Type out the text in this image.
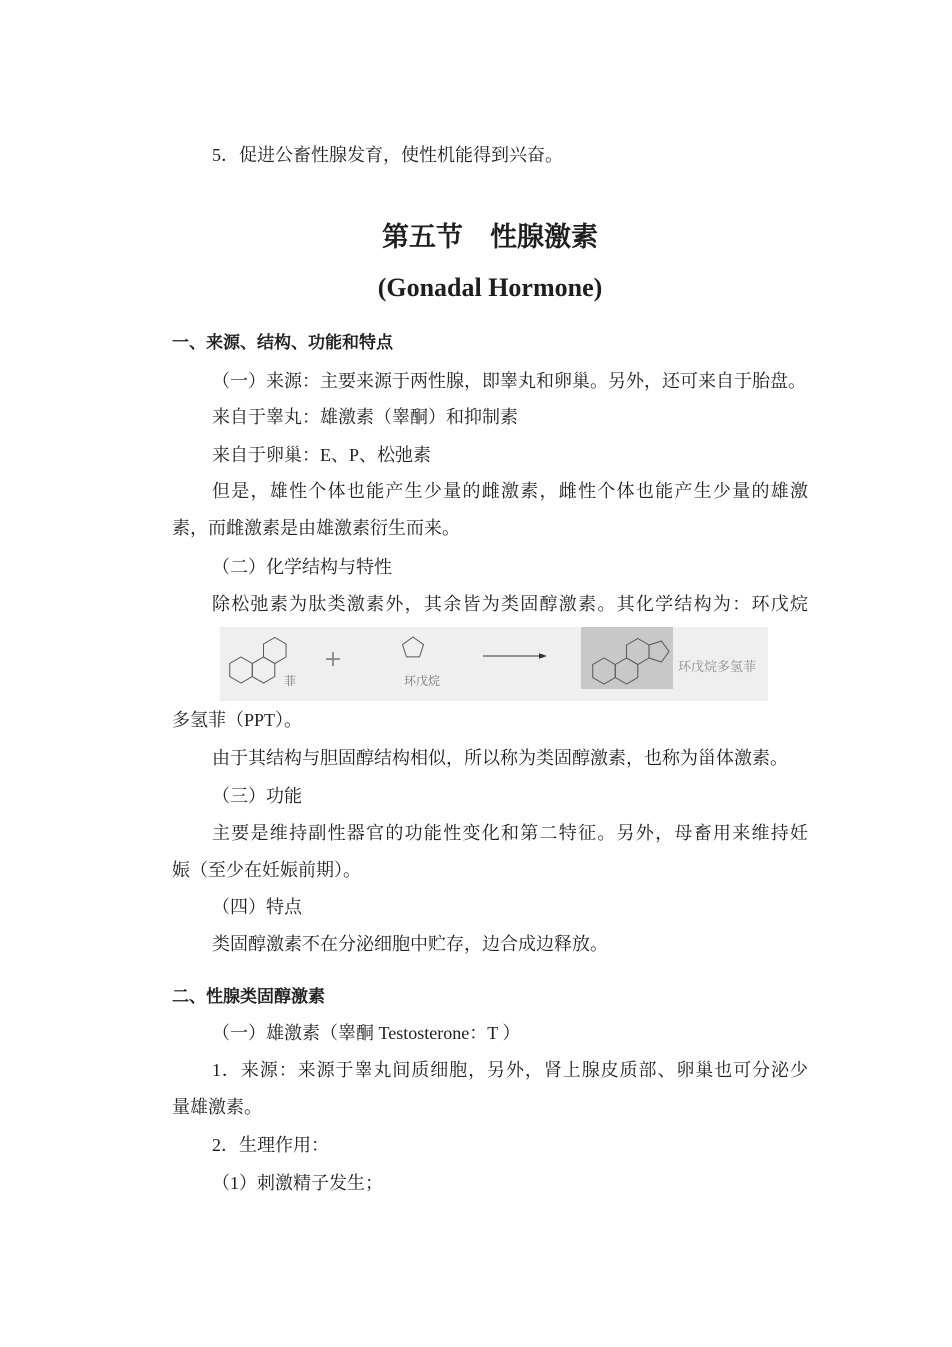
5．促进公畜性腺发育，使性机能得到兴奋。
第五节　性腺激素
(Gonadal Hormone)
一、来源、结构、功能和特点
（一）来源：主要来源于两性腺，即睾丸和卵巢。另外，还可来自于胎盘。
来自于睾丸：雄激素（睾酮）和抑制素
来自于卵巢：E、P、松弛素
但是，雄性个体也能产生少量的雌激素，雌性个体也能产生少量的雄激
素，而雌激素是由雄激素衍生而来。
（二）化学结构与特性
除松弛素为肽类激素外，其余皆为类固醇激素。其化学结构为：环戊烷
菲
+
环戊烷
环戊烷多氢菲
多氢菲（PPT）。
由于其结构与胆固醇结构相似，所以称为类固醇激素，也称为甾体激素。
（三）功能
主要是维持副性器官的功能性变化和第二特征。另外，母畜用来维持妊
娠（至少在妊娠前期）。
（四）特点
类固醇激素不在分泌细胞中贮存，边合成边释放。
二、性腺类固醇激素
（一）雄激素（睾酮 Testosterone：T ）
1．来源：来源于睾丸间质细胞，另外，肾上腺皮质部、卵巢也可分泌少
量雄激素。
2．生理作用：
（1）刺激精子发生；
